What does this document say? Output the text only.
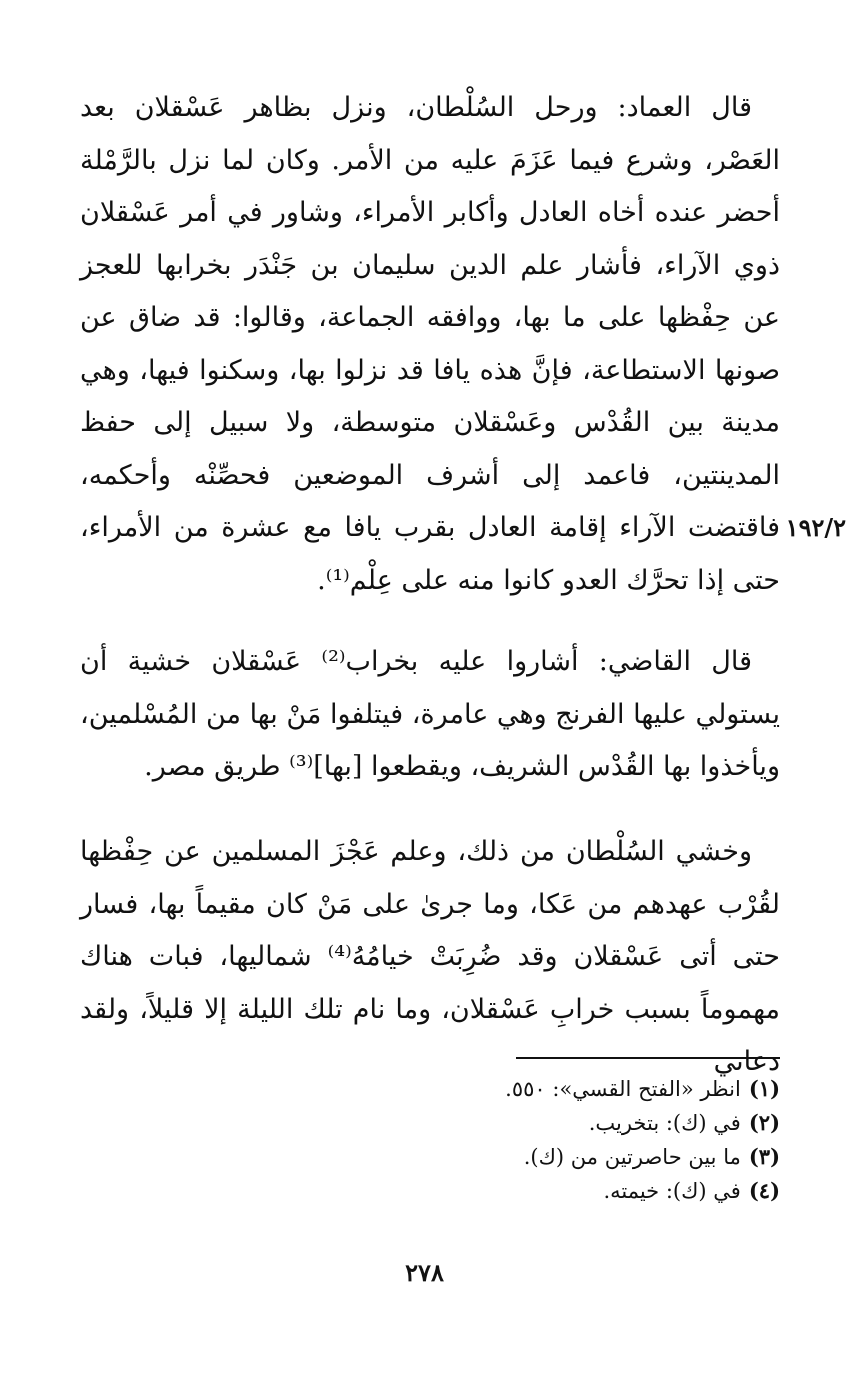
قال العماد: ورحل السُلْطان، ونزل بظاهر عَسْقلان بعد العَصْر، وشرع فيما عَزَمَ عليه من الأمر. وكان لما نزل بالرَّمْلة أحضر عنده أخاه العادل وأكابر الأمراء، وشاور في أمر عَسْقلان ذوي الآراء، فأشار علم الدين سليمان بن جَنْدَر بخرابها للعجز عن حِفْظها على ما بها، ووافقه الجماعة، وقالوا: قد ضاق عن صونها الاستطاعة، فإنَّ هذه يافا قد نزلوا بها، وسكنوا فيها، وهي مدينة بين القُدْس وعَسْقلان متوسطة، ولا سبيل إلى حفظ المدينتين، فاعمد إلى أشرف الموضعين فحصِّنْه وأحكمه، فاقتضت الآراء إقامة العادل بقرب يافا مع عشرة من الأمراء، حتى إذا تحرَّك العدو كانوا منه على عِلْم⁽¹⁾.

١٩٢/٢

قال القاضي: أشاروا عليه بخراب⁽²⁾ عَسْقلان خشية أن يستولي عليها الفرنج وهي عامرة، فيتلفوا مَنْ بها من المُسْلمين، ويأخذوا بها القُدْس الشريف، ويقطعوا [بها]⁽³⁾ طريق مصر.

وخشي السُلْطان من ذلك، وعلم عَجْزَ المسلمين عن حِفْظها لقُرْب عهدهم من عَكا، وما جرىٰ على مَنْ كان مقيماً بها، فسار حتى أتى عَسْقلان وقد ضُرِبَتْ خيامُهُ⁽⁴⁾ شماليها، فبات هناك مهموماً بسبب خرابِ عَسْقلان، وما نام تلك الليلة إلا قليلاً، ولقد دعاني

(١)انظر «الفتح القسي»: ٥٥٠.
(٢)في (ك): بتخريب.
(٣)ما بين حاصرتين من (ك).
(٤)في (ك): خيمته.
٢٧٨
